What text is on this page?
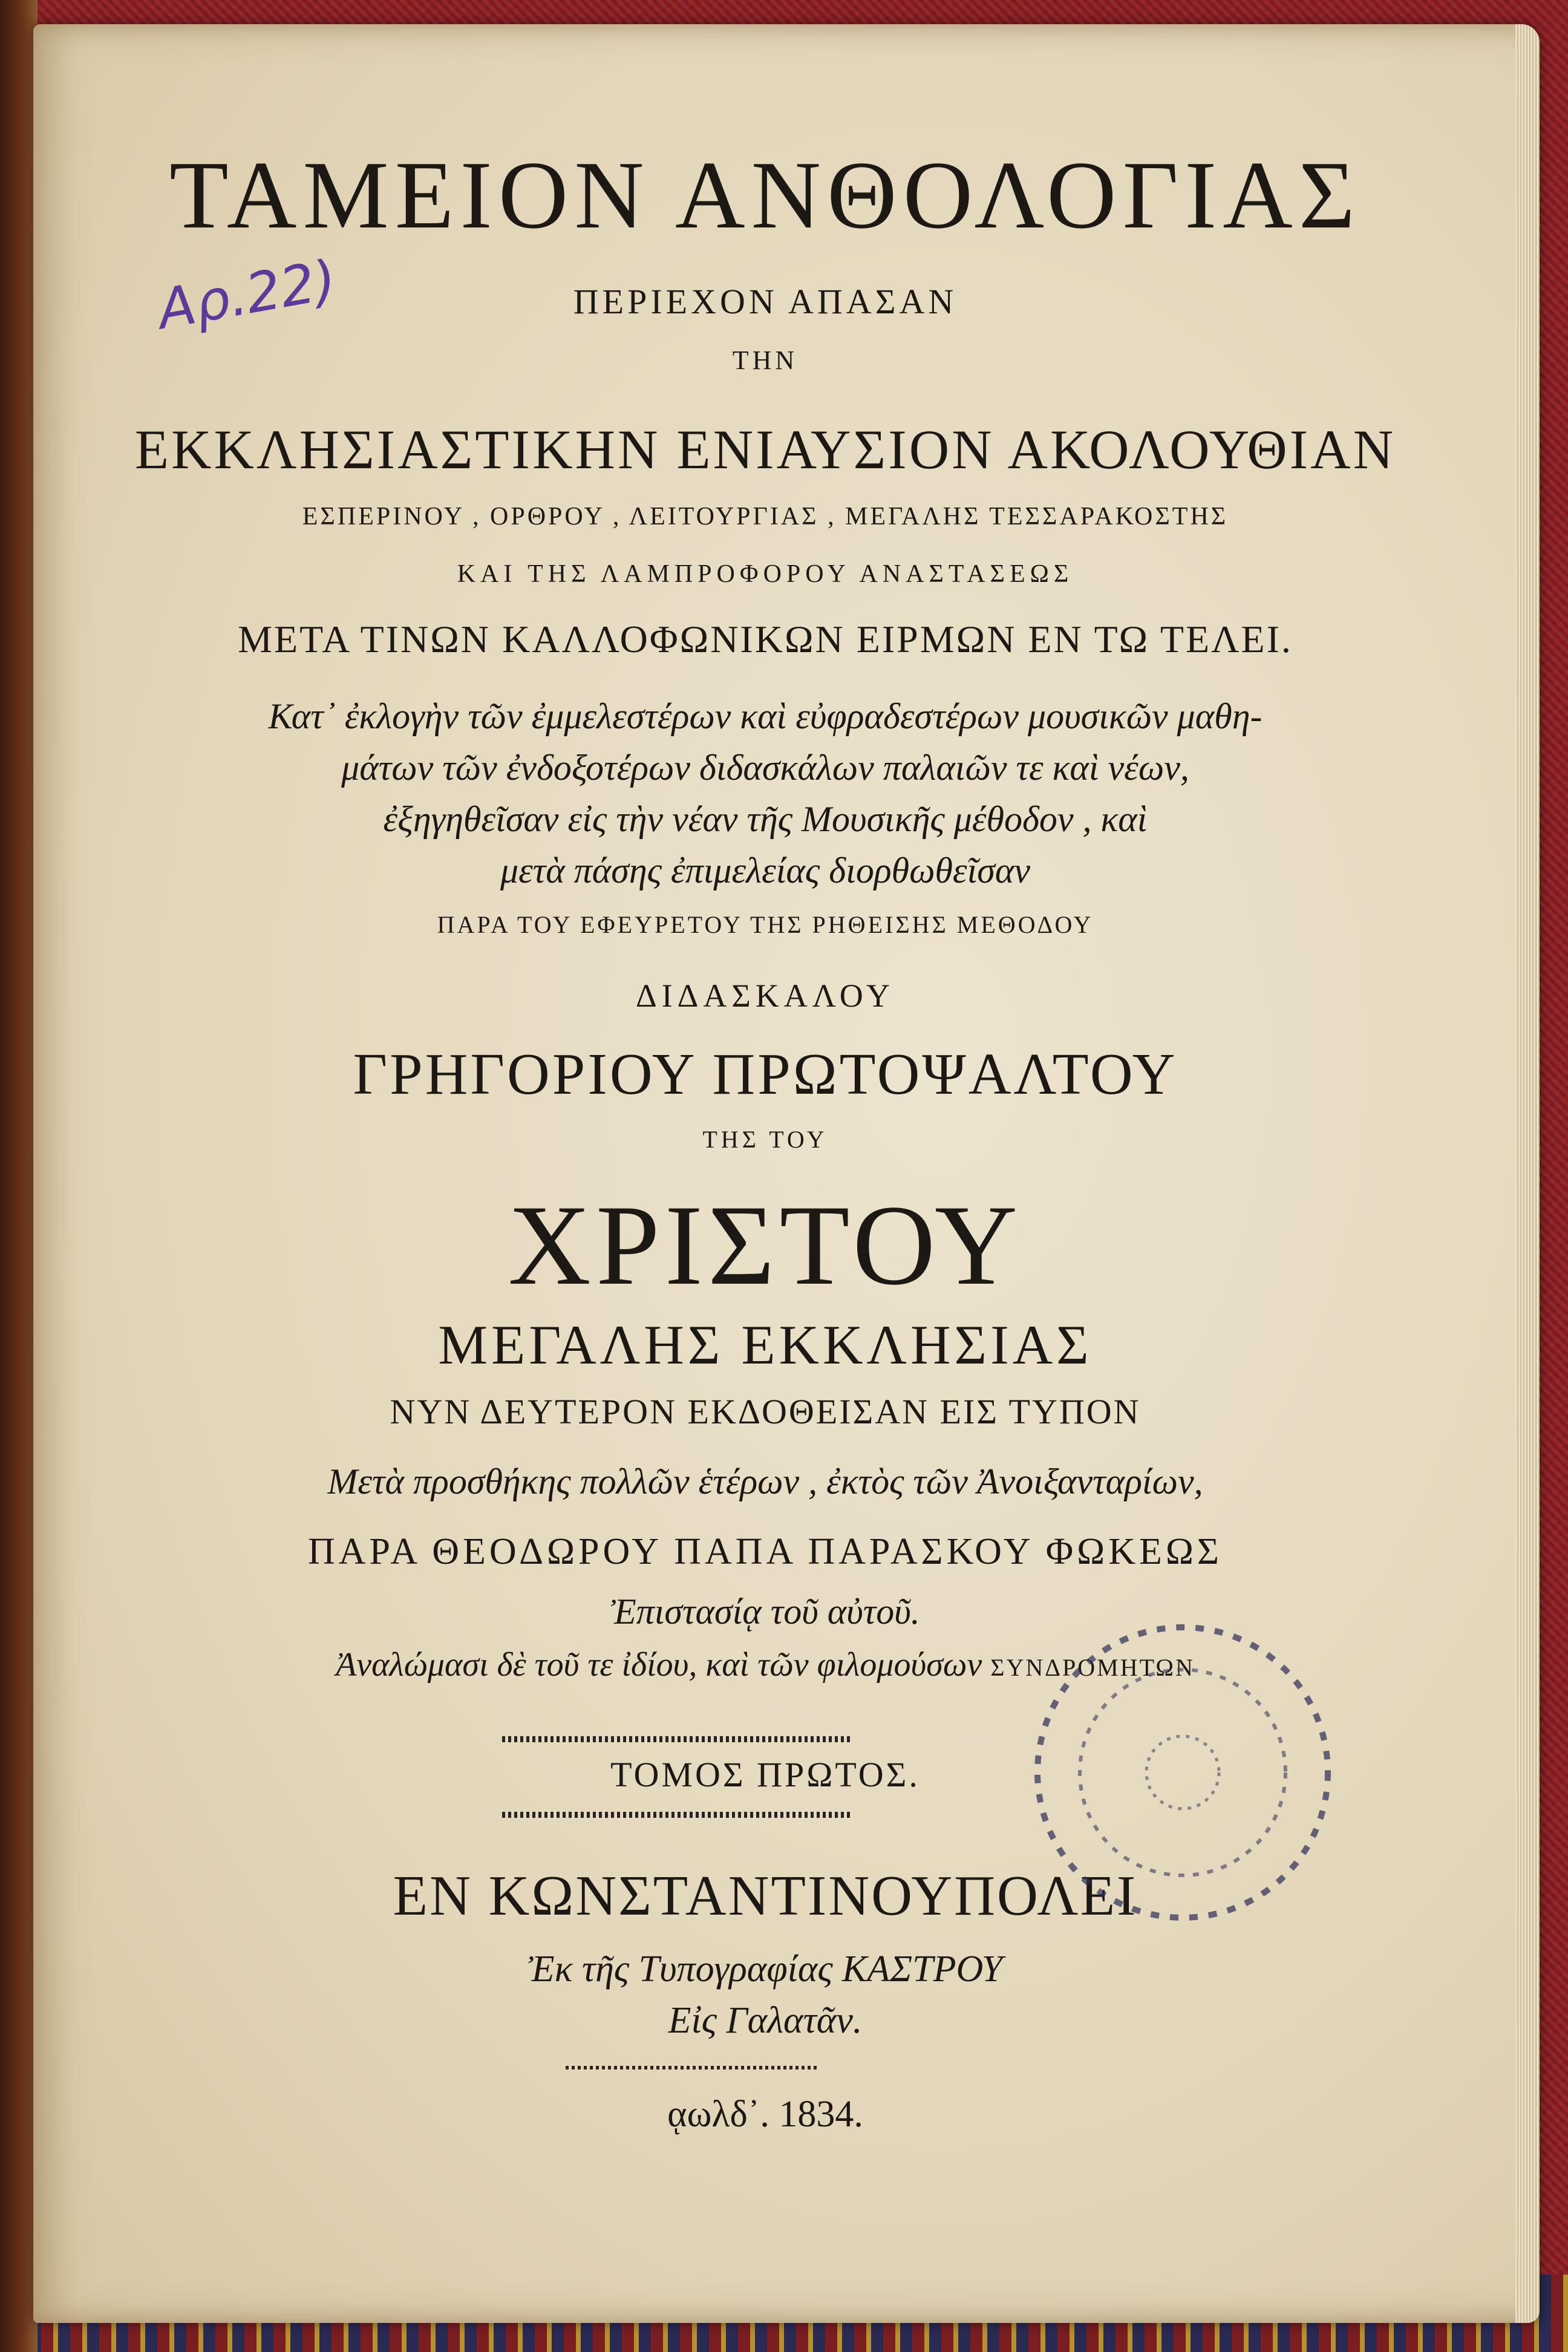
Αρ.22)
ΤΑΜΕΙΟΝ ΑΝΘΟΛΟΓΙΑΣ
ΠΕΡΙΕΧΟΝ ΑΠΑΣΑΝ
ΤΗΝ
ΕΚΚΛΗΣΙΑΣΤΙΚΗΝ ΕΝΙΑΥΣΙΟΝ ΑΚΟΛΟΥΘΙΑΝ
ΕΣΠΕΡΙΝΟΥ , ΟΡΘΡΟΥ , ΛΕΙΤΟΥΡΓΙΑΣ , ΜΕΓΑΛΗΣ ΤΕΣΣΑΡΑΚΟΣΤΗΣ
ΚΑΙ ΤΗΣ ΛΑΜΠΡΟΦΟΡΟΥ ΑΝΑΣΤΑΣΕΩΣ
ΜΕΤΑ ΤΙΝΩΝ ΚΑΛΛΟΦΩΝΙΚΩΝ ΕΙΡΜΩΝ ΕΝ ΤΩ ΤΕΛΕΙ.
Κατ᾽ ἐκλογὴν τῶν ἐμμελεστέρων καὶ εὐφραδεστέρων μουσικῶν μαθη-
μάτων τῶν ἐνδοξοτέρων διδασκάλων παλαιῶν τε καὶ νέων,
ἐξηγηθεῖσαν εἰς τὴν νέαν τῆς Μουσικῆς μέθοδον , καὶ
μετὰ πάσης ἐπιμελείας διορθωθεῖσαν
ΠΑΡΑ ΤΟΥ ΕΦΕΥΡΕΤΟΥ ΤΗΣ ΡΗΘΕΙΣΗΣ ΜΕΘΟΔΟΥ
ΔΙΔΑΣΚΑΛΟΥ
ΓΡΗΓΟΡΙΟΥ ΠΡΩΤΟΨΑΛΤΟΥ
ΤΗΣ ΤΟΥ
ΧΡΙΣΤΟΥ
ΜΕΓΑΛΗΣ ΕΚΚΛΗΣΙΑΣ
ΝΥΝ ΔΕΥΤΕΡΟΝ ΕΚΔΟΘΕΙΣΑΝ ΕΙΣ ΤΥΠΟΝ
Μετὰ προσθήκης πολλῶν ἑτέρων , ἐκτὸς τῶν Ἀνοιξανταρίων,
ΠΑΡΑ ΘΕΟΔΩΡΟΥ ΠΑΠΑ ΠΑΡΑΣΚΟΥ ΦΩΚΕΩΣ
Ἐπιστασίᾳ τοῦ αὐτοῦ.
Ἀναλώμασι δὲ τοῦ τε ἰδίου, καὶ τῶν φιλομούσων ΣΥΝΔΡΟΜΗΤΩΝ
ΤΟΜΟΣ ΠΡΩΤΟΣ.
ΕΝ ΚΩΝΣΤΑΝΤΙΝΟΥΠΟΛΕΙ
Ἐκ τῆς Τυπογραφίας ΚΑΣΤΡΟΥ
Εἰς Γαλατᾶν.
ᾳωλδ᾽. 1834.
